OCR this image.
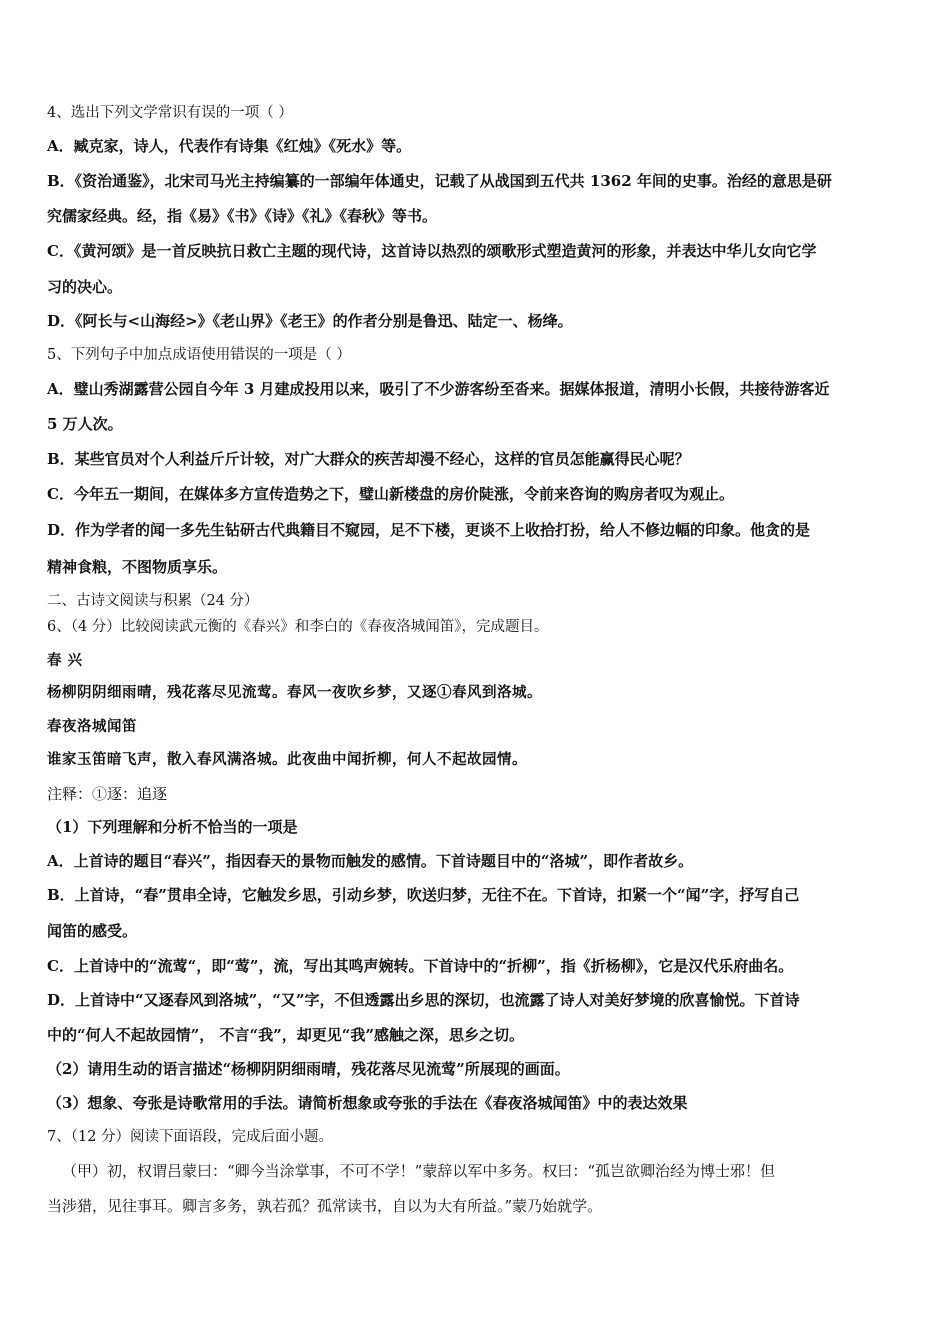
4、选出下列文学常识有误的一项（ ）
A．臧克家，诗人，代表作有诗集《红烛》《死水》等。
B．《资治通鉴》，北宋司马光主持编纂的一部编年体通史，记载了从战国到五代共 1362 年间的史事。治经的意思是研
究儒家经典。经，指《易》《书》《诗》《礼》《春秋》等书。
C．《黄河颂》是一首反映抗日救亡主题的现代诗，这首诗以热烈的颂歌形式塑造黄河的形象，并表达中华儿女向它学
习的决心。
D．《阿长与<山海经>》《老山界》《老王》的作者分别是鲁迅、陆定一、杨绛。
5、下列句子中加点成语使用错误的一项是（ ）
A．璧山秀湖露营公园自今年 3 月建成投用以来，吸引了不少游客纷至沓来。据媒体报道，清明小长假，共接待游客近
5 万人次。
B．某些官员对个人利益斤斤计较，对广大群众的疾苦却漫不经心，这样的官员怎能赢得民心呢？
C．今年五一期间，在媒体多方宣传造势之下，璧山新楼盘的房价陡涨，令前来咨询的购房者叹为观止。
D．作为学者的闻一多先生钻研古代典籍目不窥园，足不下楼，更谈不上收拾打扮，给人不修边幅的印象。他贪的是
精神食粮，不图物质享乐。
二、古诗文阅读与积累（24 分）
6、（4 分）比较阅读武元衡的《春兴》和李白的《春夜洛城闻笛》，完成题目。
春 兴
杨柳阴阴细雨晴，残花落尽见流莺。春风一夜吹乡梦，又逐①春风到洛城。
春夜洛城闻笛
谁家玉笛暗飞声，散入春风满洛城。此夜曲中闻折柳，何人不起故园情。
注释：①逐：追逐
（1）下列理解和分析不恰当的一项是
A．上首诗的题目“春兴”，指因春天的景物而触发的感情。下首诗题目中的“洛城”，即作者故乡。
B．上首诗，“春”贯串全诗，它触发乡思，引动乡梦，吹送归梦，无往不在。下首诗，扣紧一个“闻”字，抒写自己
闻笛的感受。
C．上首诗中的“流莺“，即“莺”，流，写出其鸣声婉转。下首诗中的“折柳”，指《折杨柳》，它是汉代乐府曲名。
D．上首诗中“又逐春风到洛城”，“又”字，不但透露出乡思的深切，也流露了诗人对美好梦境的欣喜愉悦。下首诗
中的“何人不起故园情”， 不言“我”，却更见“我”感触之深，思乡之切。
（2）请用生动的语言描述“杨柳阴阴细雨晴，残花落尽见流莺”所展现的画面。
（3）想象、夸张是诗歌常用的手法。请简析想象或夸张的手法在《春夜洛城闻笛》中的表达效果
7、（12 分）阅读下面语段，完成后面小题。
（甲）初，权谓吕蒙曰：“卿今当涂掌事，不可不学！”蒙辞以军中多务。权曰：“孤岂欲卿治经为博士邪！但
当涉猎，见往事耳。卿言多务，孰若孤？孤常读书，自以为大有所益。”蒙乃始就学。
